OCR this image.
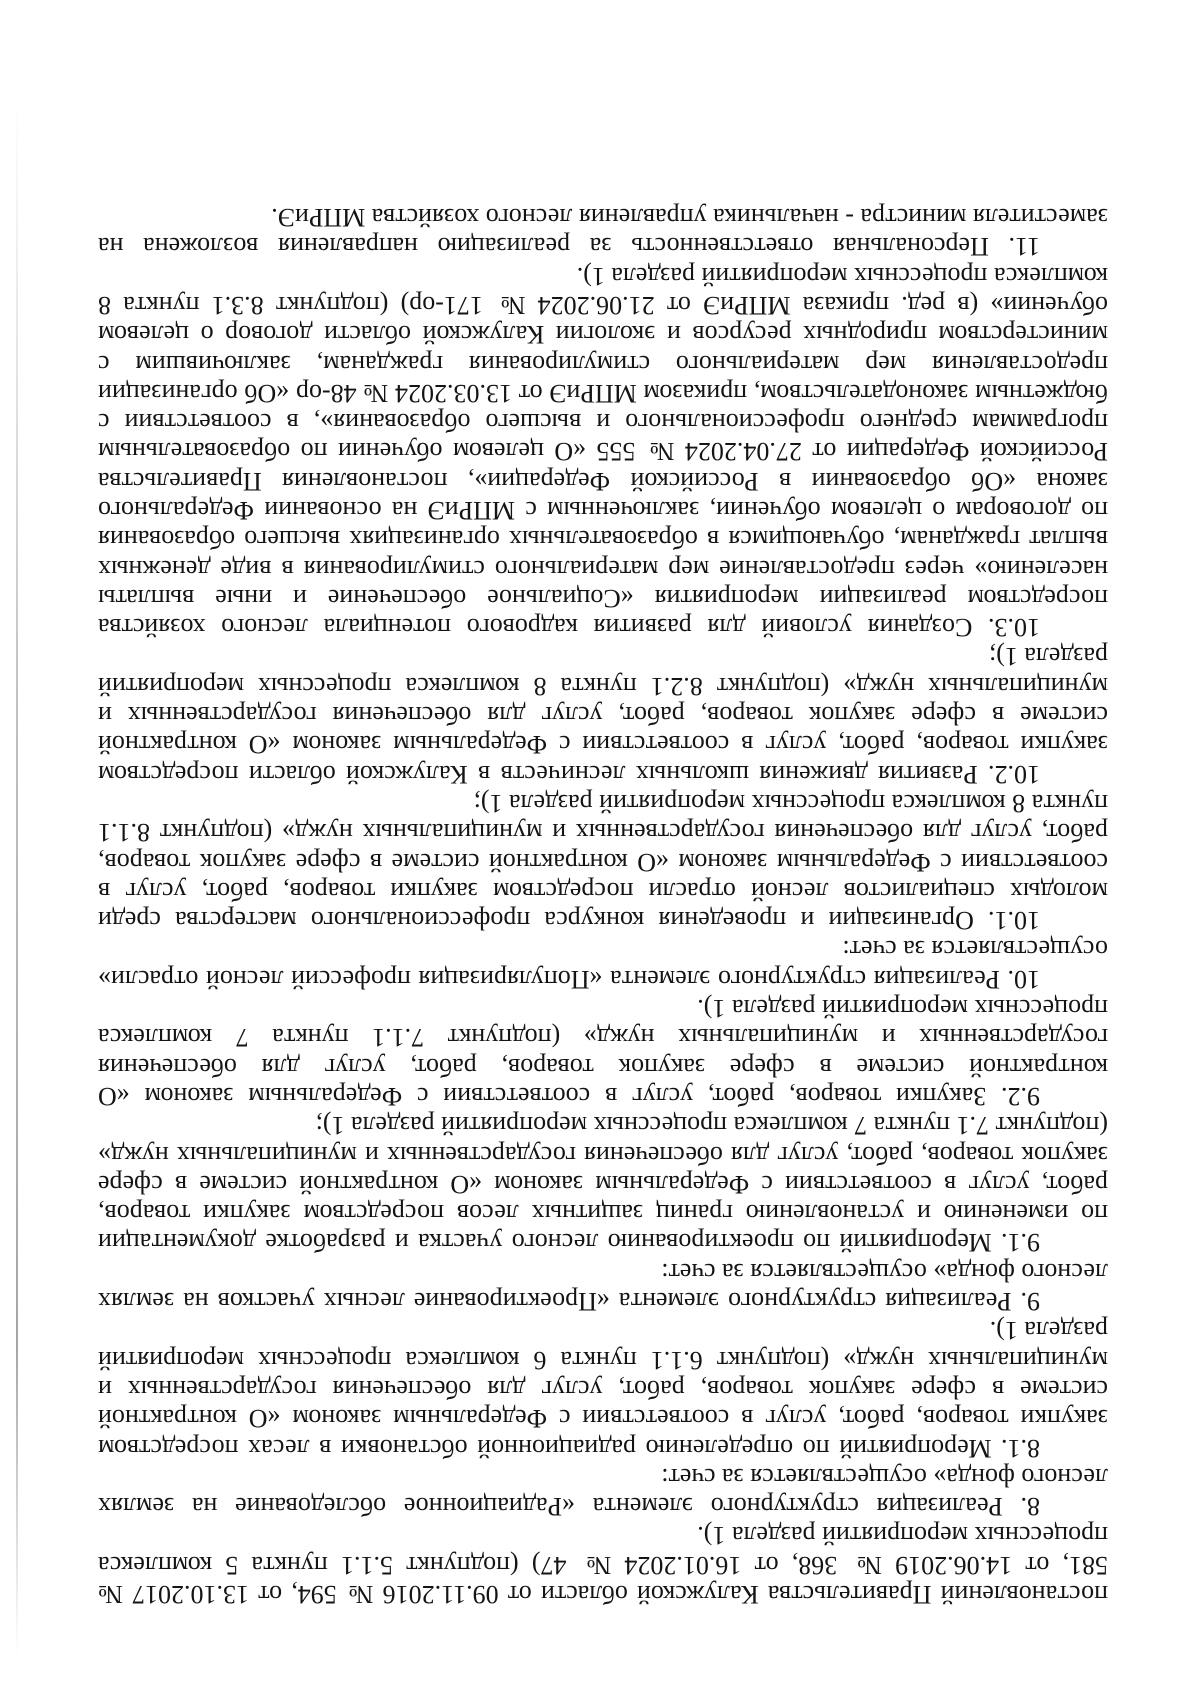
постановлений Правительства Калужской области от 09.11.2016 № 594, от 13.10.2017 № 581, от 14.06.2019 № 368, от 16.01.2024 № 47) (подпункт 5.1.1 пункта 5 комплекса процессных мероприятий раздела 1).

8. Реализация структурного элемента «Радиационное обследование на землях лесного фонда» осуществляется за счет:

8.1. Мероприятий по определению радиационной обстановки в лесах посредством закупки товаров, работ, услуг в соответствии с Федеральным законом «О контрактной системе в сфере закупок товаров, работ, услуг для обеспечения государственных и муниципальных нужд» (подпункт 6.1.1 пункта 6 комплекса процессных мероприятий раздела 1).

9. Реализация структурного элемента «Проектирование лесных участков на землях лесного фонда» осуществляется за счет:

9.1. Мероприятий по проектированию лесного участка и разработке документации по изменению и установлению границ защитных лесов посредством закупки товаров, работ, услуг в соответствии с Федеральным законом «О контрактной системе в сфере закупок товаров, работ, услуг для обеспечения государственных и муниципальных нужд» (подпункт 7.1 пункта 7 комплекса процессных мероприятий раздела 1);

9.2. Закупки товаров, работ, услуг в соответствии с Федеральным законом «О контрактной системе в сфере закупок товаров, работ, услуг для обеспечения государственных и муниципальных нужд» (подпункт 7.1.1 пункта 7 комплекса процессных мероприятий раздела 1).

10. Реализация структурного элемента «Популяризация профессий лесной отрасли» осуществляется за счет:

10.1. Организации и проведения конкурса профессионального мастерства среди молодых специалистов лесной отрасли посредством закупки товаров, работ, услуг в соответствии с Федеральным законом «О контрактной системе в сфере закупок товаров, работ, услуг для обеспечения государственных и муниципальных нужд» (подпункт 8.1.1 пункта 8 комплекса процессных мероприятий раздела 1);

10.2. Развития движения школьных лесничеств в Калужской области посредством закупки товаров, работ, услуг в соответствии с Федеральным законом «О контрактной системе в сфере закупок товаров, работ, услуг для обеспечения государственных и муниципальных нужд» (подпункт 8.2.1 пункта 8 комплекса процессных мероприятий раздела 1);

10.3. Создания условий для развития кадрового потенциала лесного хозяйства посредством реализации мероприятия «Социальное обеспечение и иные выплаты населению» через предоставление мер материального стимулирования в виде денежных выплат гражданам, обучающимся в образовательных организациях высшего образования по договорам о целевом обучении, заключенным с МПРиЭ на основании Федерального закона «Об образовании в Российской Федерации», постановления Правительства Российской Федерации от 27.04.2024 № 555 «О целевом обучении по образовательным программам среднего профессионального и высшего образования», в соответствии с бюджетным законодательством, приказом МПРиЭ от 13.03.2024 № 48-ор «Об организации предоставления мер материального стимулирования гражданам, заключившим с министерством природных ресурсов и экологии Калужской области договор о целевом обучении» (в ред. приказа МПРиЭ от 21.06.2024 № 171-ор) (подпункт 8.3.1 пункта 8 комплекса процессных мероприятий раздела 1).

11. Персональная ответственность за реализацию направления возложена на заместителя министра - начальника управления лесного хозяйства МПРиЭ.
